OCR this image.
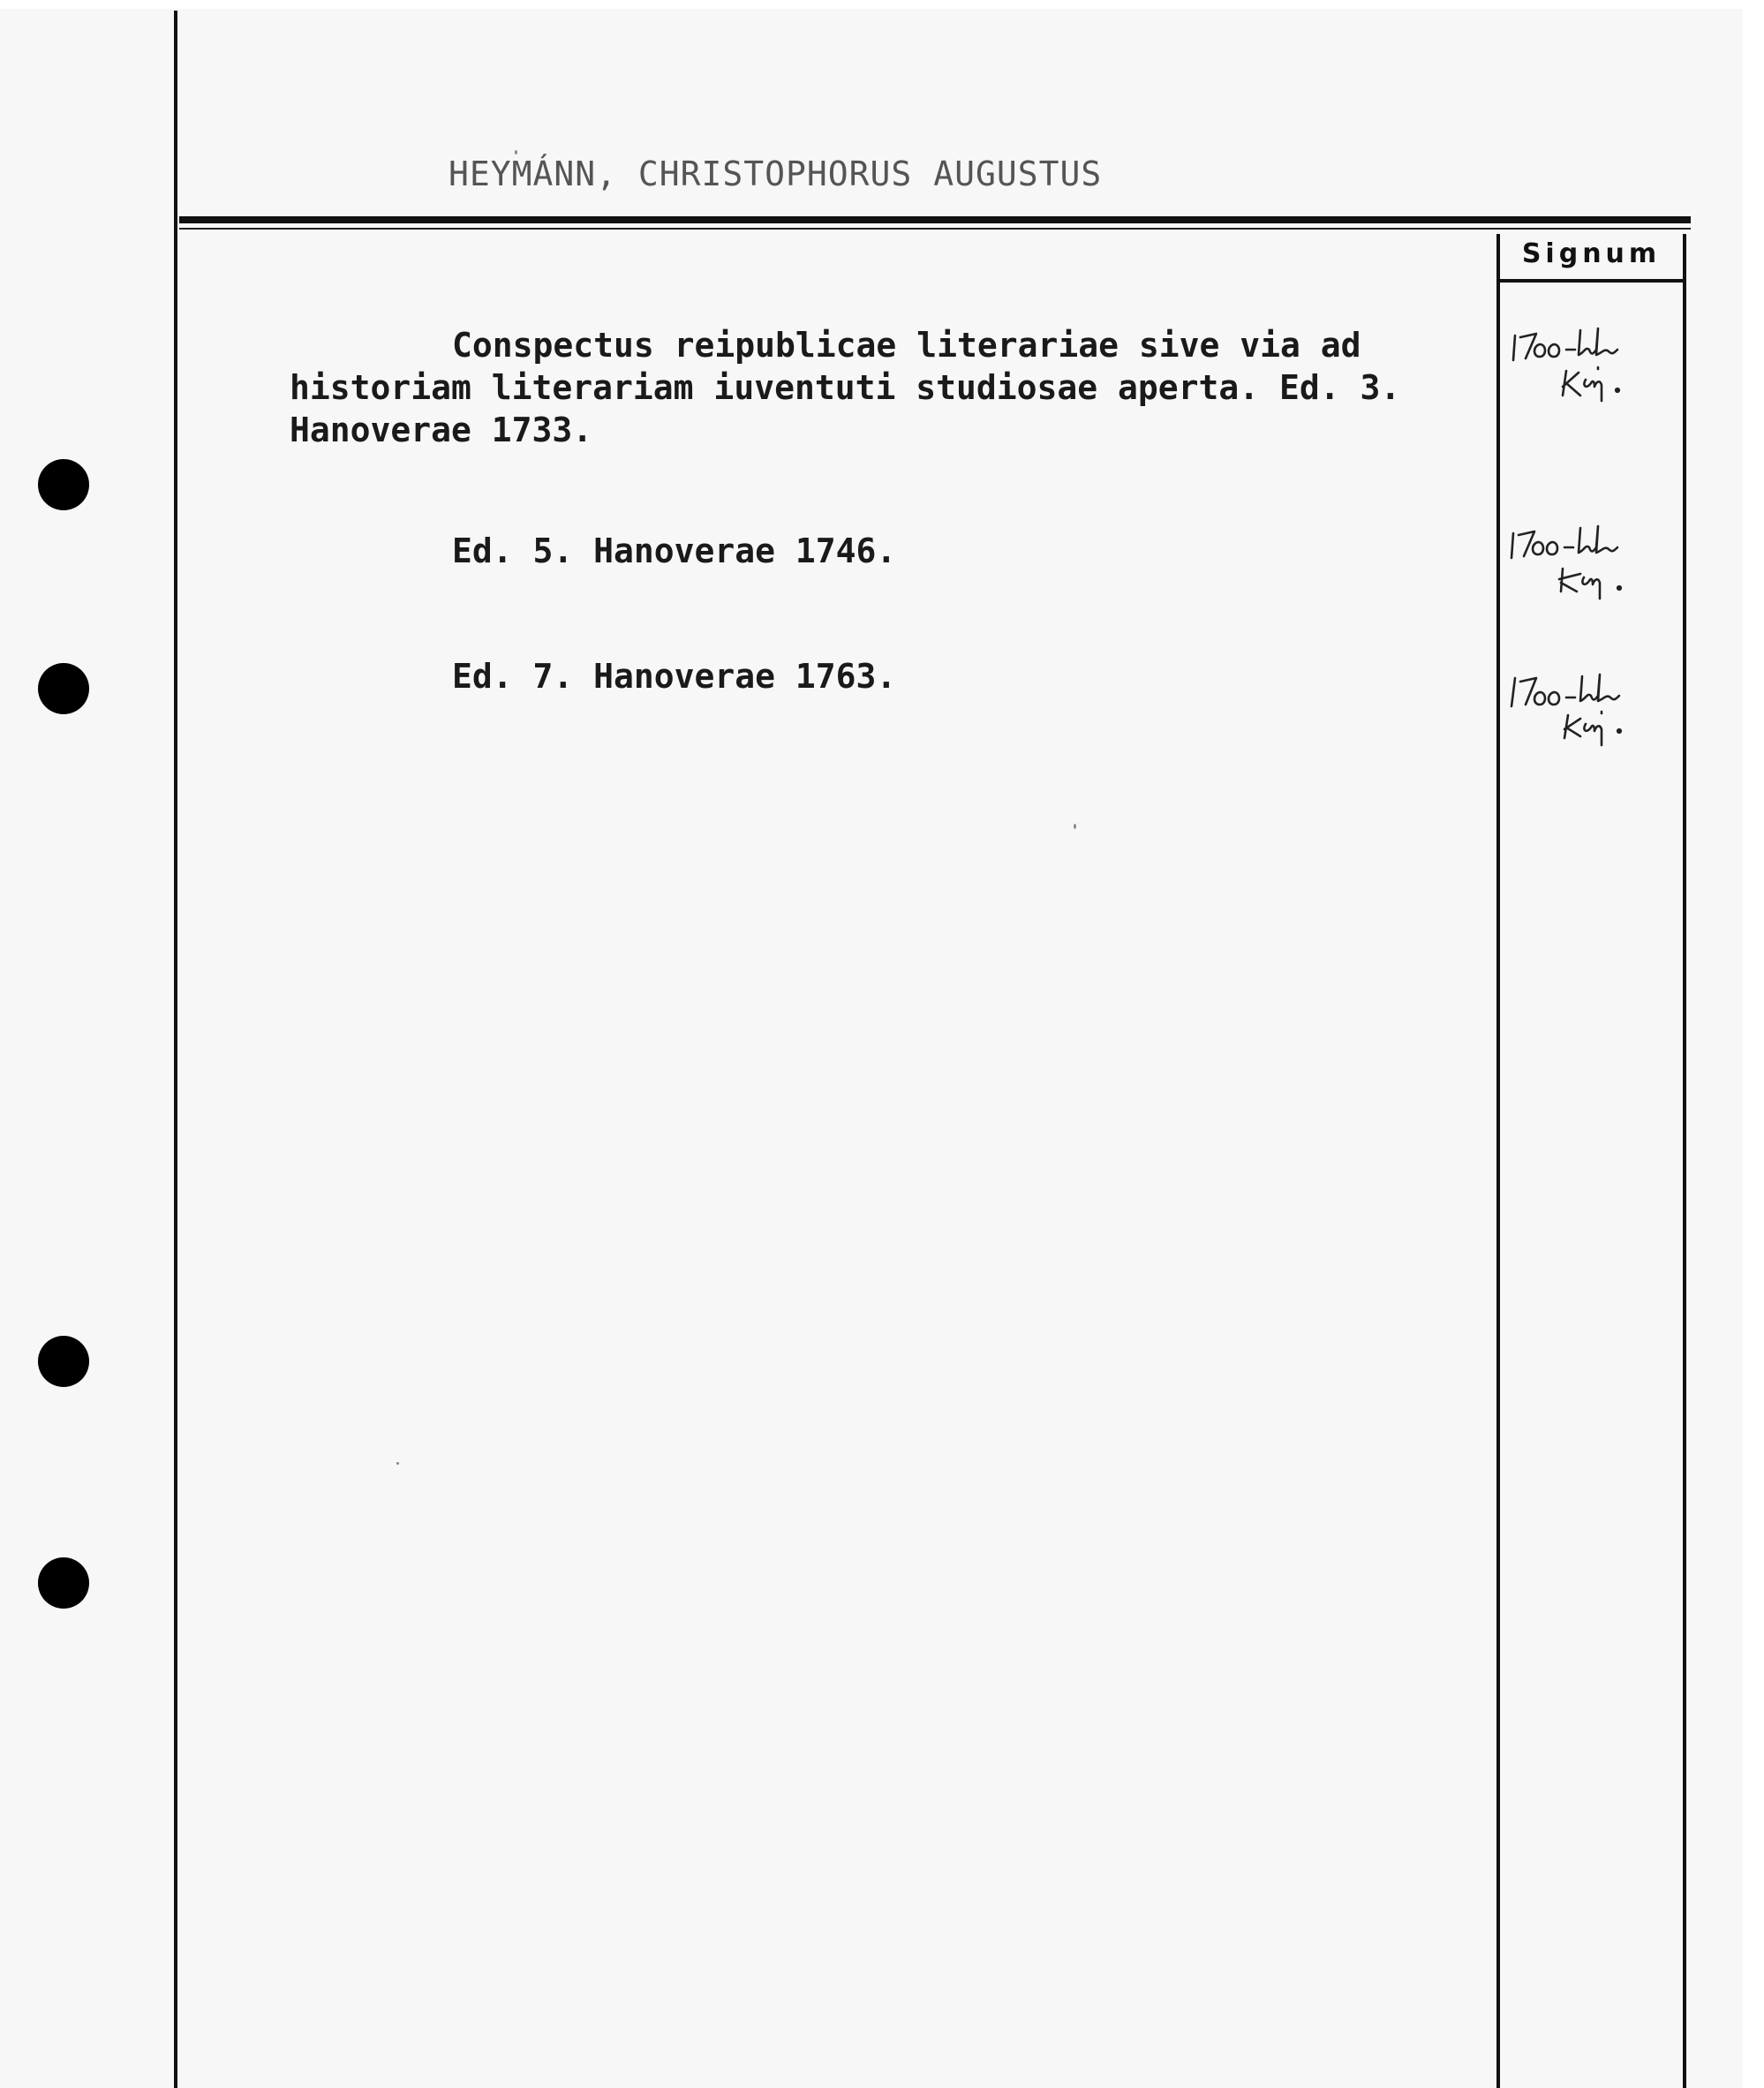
HEYMÁNN, CHRISTOPHORUS AUGUSTUS
Signum
Conspectus reipublicae literariae sive via ad historiam literariam iuventuti studiosae aperta. Ed. 3. Hanoverae 1733.
Ed. 5. Hanoverae 1746.
Ed. 7. Hanoverae 1763.
